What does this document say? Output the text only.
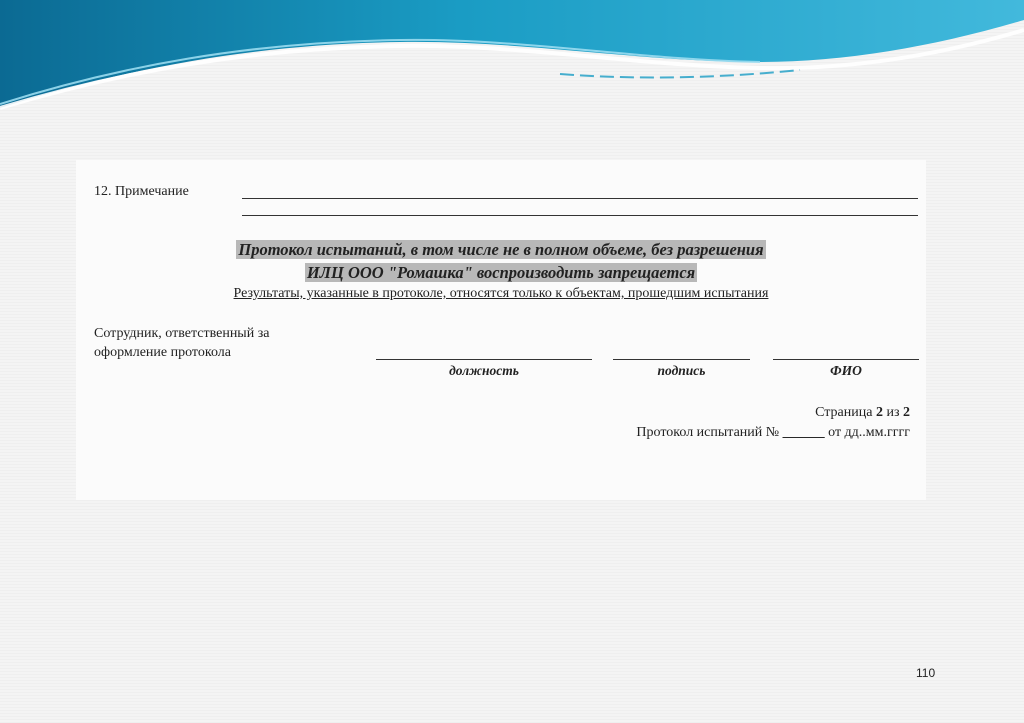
12. Примечание
Протокол испытаний, в том числе не в полном объеме, без разрешения
ИЛЦ ООО "Ромашка" воспроизводить запрещается
Результаты, указанные в протоколе, относятся только к объектам, прошедшим испытания
Сотрудник, ответственный за
оформление протокола
должность	подпись	ФИО
Страница 2 из 2
Протокол испытаний № ______ от дд..мм.гггг
110
